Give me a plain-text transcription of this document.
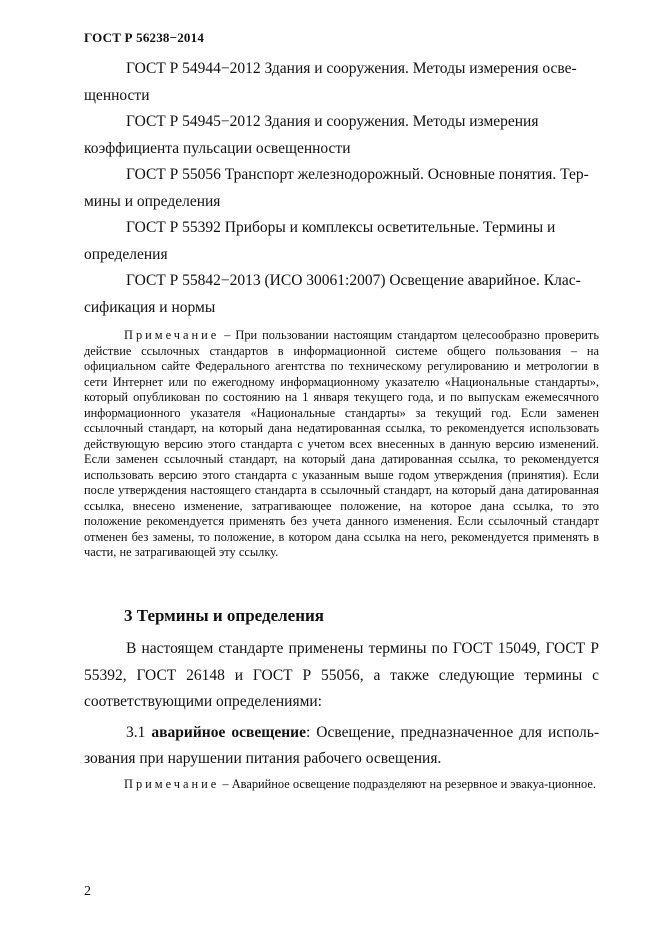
ГОСТ Р 56238−2014

ГОСТ Р 54944−2012 Здания и сооружения. Методы измерения осве-

щенности

ГОСТ Р 54945−2012 Здания и сооружения. Методы измерения

коэффициента пульсации освещенности

ГОСТ Р 55056 Транспорт железнодорожный. Основные понятия. Тер-

мины и определения

ГОСТ Р 55392 Приборы и комплексы осветительные. Термины и

определения

ГОСТ Р 55842−2013 (ИСО 30061:2007) Освещение аварийное. Клас-

сификация и нормы

Примечание – При пользовании настоящим стандартом целесообразно проверить действие ссылочных стандартов в информационной системе общего пользования – на официальном сайте Федерального агентства по техническому регулированию и метрологии в сети Интернет или по ежегодному информационному указателю «Национальные стандарты», который опубликован по состоянию на 1 января текущего года, и по выпускам ежемесячного информационного указателя «Национальные стандарты» за текущий год. Если заменен ссылочный стандарт, на который дана недатированная ссылка, то рекомендуется использовать действующую версию этого стандарта с учетом всех внесенных в данную версию изменений. Если заменен ссылочный стандарт, на который дана датированная ссылка, то рекомендуется использовать версию этого стандарта с указанным выше годом утверждения (принятия). Если после утверждения настоящего стандарта в ссылочный стандарт, на который дана датированная ссылка, внесено изменение, затрагивающее положение, на которое дана ссылка, то это положение рекомендуется применять без учета данного изменения. Если ссылочный стандарт отменен без замены, то положение, в котором дана ссылка на него, рекомендуется применять в части, не затрагивающей эту ссылку.

3 Термины и определения

В настоящем стандарте применены термины по ГОСТ 15049, ГОСТ Р 55392, ГОСТ 26148 и ГОСТ Р 55056, а также следующие термины с соответствующими определениями:

3.1 аварийное освещение: Освещение, предназначенное для исполь-зования при нарушении питания рабочего освещения.

Примечание – Аварийное освещение подразделяют на резервное и эвакуа-ционное.

2
